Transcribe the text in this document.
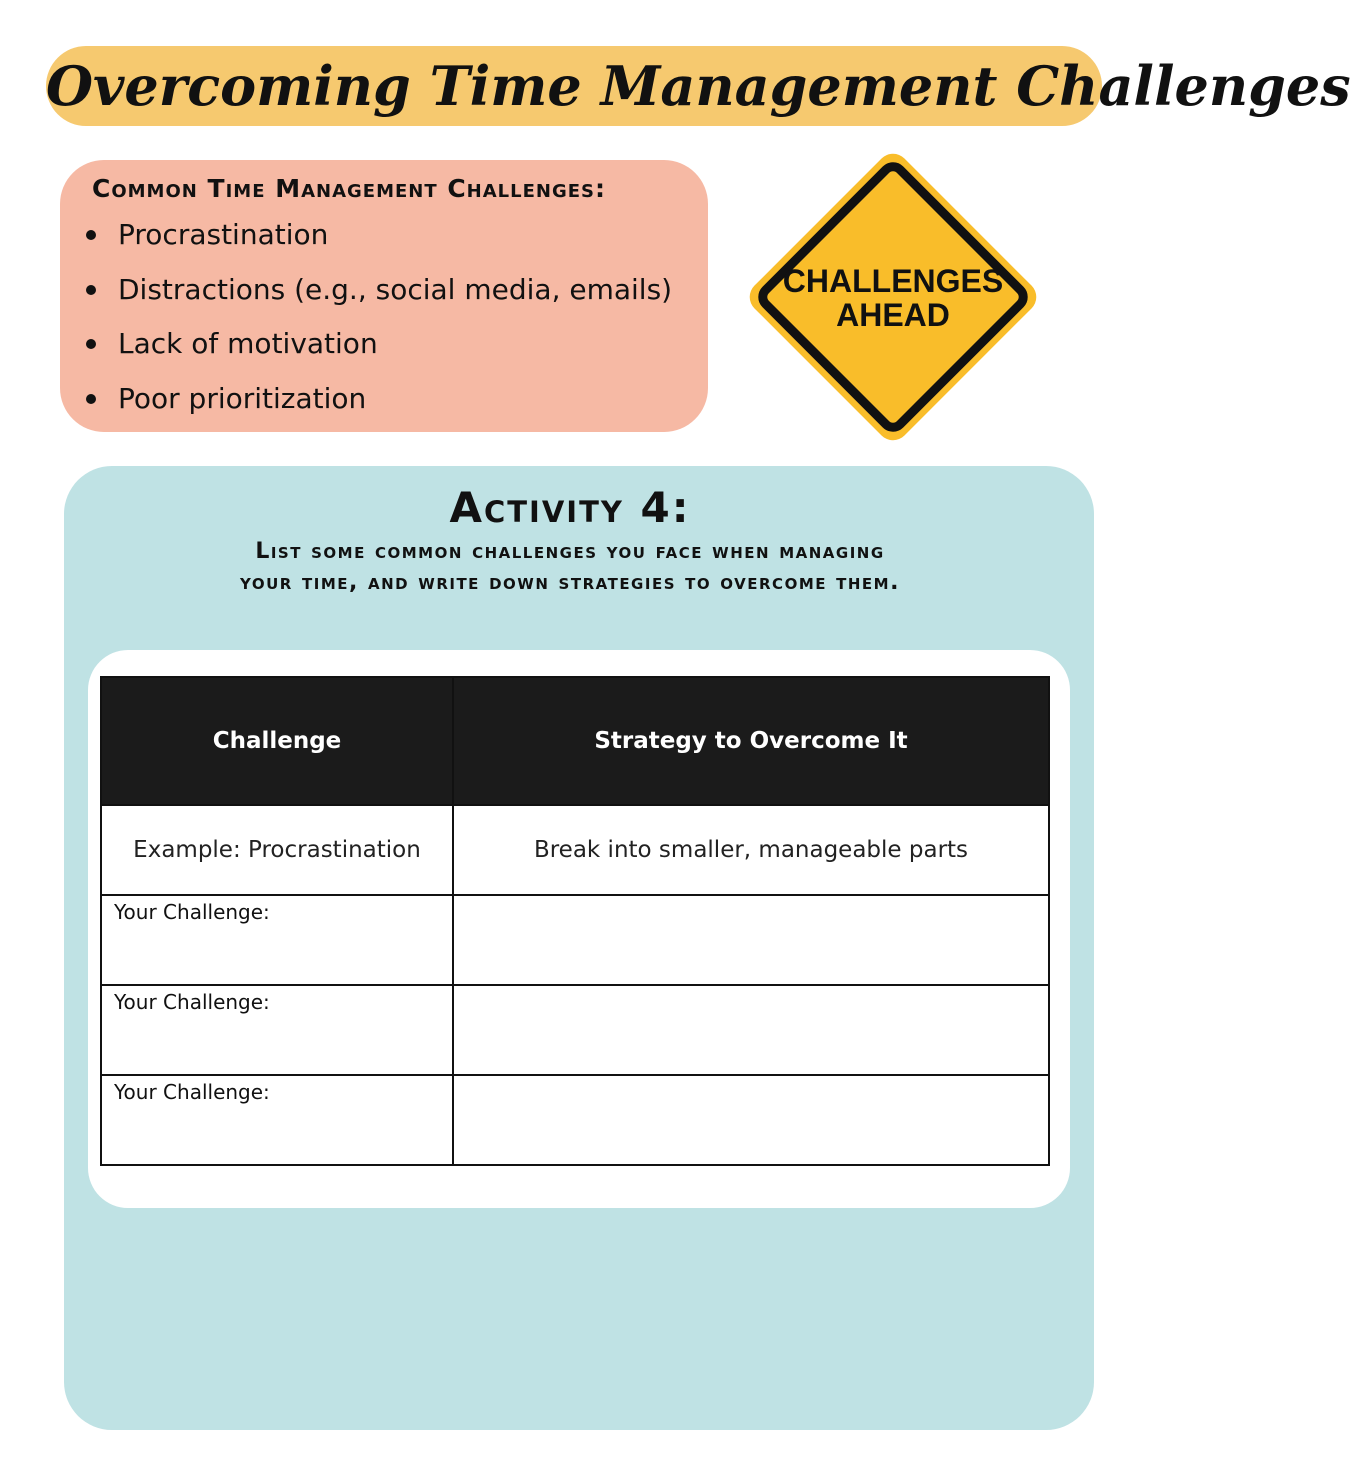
Overcoming Time Management Challenges
Common Time Management Challenges:
Procrastination
Distractions (e.g., social media, emails)
Lack of motivation
Poor prioritization
CHALLENGES
AHEAD
Activity 4:
List some common challenges you face when managing
your time, and write down strategies to overcome them.
Challenge	Strategy to Overcome It
Example: Procrastination	Break into smaller, manageable parts

Your Challenge:	

Your Challenge:	

Your Challenge:	
